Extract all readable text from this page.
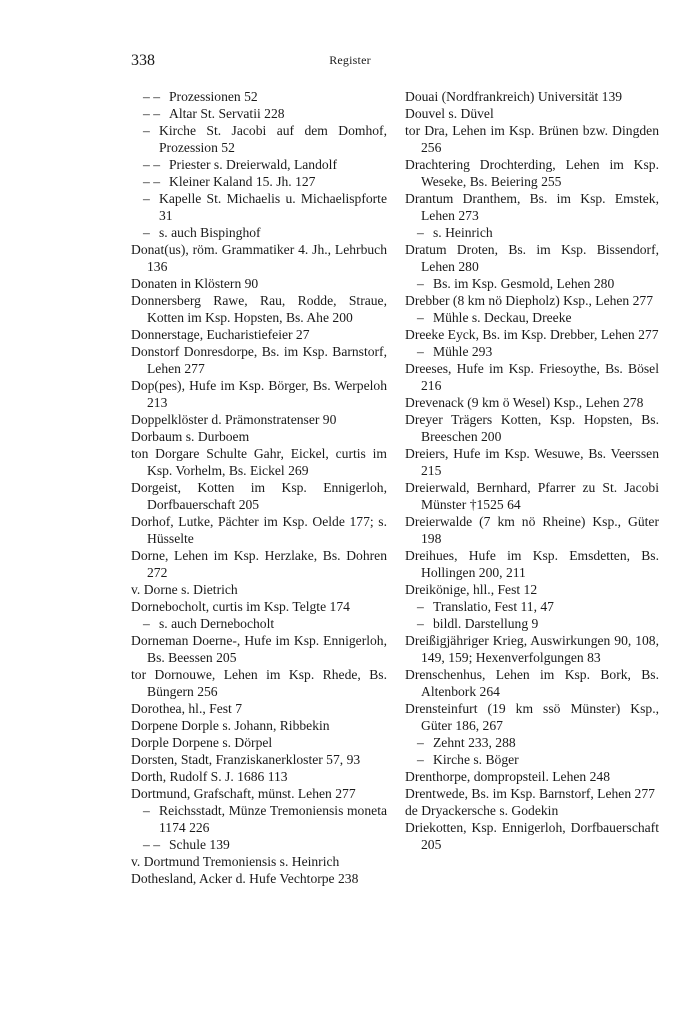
338	Register
– – Prozessionen 52
– – Altar St. Servatii 228
– Kirche St. Jacobi auf dem Domhof, Prozession 52
– – Priester s. Dreierwald, Landolf
– – Kleiner Kaland 15. Jh. 127
– Kapelle St. Michaelis u. Michaelispforte 31
– s. auch Bispinghof
Donat(us), röm. Grammatiker 4. Jh., Lehrbuch 136
Donaten in Klöstern 90
Donnersberg Rawe, Rau, Rodde, Straue, Kotten im Ksp. Hopsten, Bs. Ahe 200
Donnerstage, Eucharistiefeier 27
Donstorf Donresdorpe, Bs. im Ksp. Barnstorf, Lehen 277
Dop(pes), Hufe im Ksp. Börger, Bs. Werpeloh 213
Doppelklöster d. Prämonstratenser 90
Dorbaum s. Durboem
ton Dorgare Schulte Gahr, Eickel, curtis im Ksp. Vorhelm, Bs. Eickel 269
Dorgeist, Kotten im Ksp. Ennigerloh, Dorfbauerschaft 205
Dorhof, Lutke, Pächter im Ksp. Oelde 177; s. Hüsselte
Dorne, Lehen im Ksp. Herzlake, Bs. Dohren 272
v. Dorne s. Dietrich
Dornebocholt, curtis im Ksp. Telgte 174
– s. auch Dernebocholt
Dorneman Doerne-, Hufe im Ksp. Ennigerloh, Bs. Beessen 205
tor Dornouwe, Lehen im Ksp. Rhede, Bs. Büngern 256
Dorothea, hl., Fest 7
Dorpene Dorple s. Johann, Ribbekin
Dorple Dorpene s. Dörpel
Dorsten, Stadt, Franziskanerkloster 57, 93
Dorth, Rudolf S. J. 1686 113
Dortmund, Grafschaft, münst. Lehen 277
– Reichsstadt, Münze Tremoniensis moneta 1174 226
– – Schule 139
v. Dortmund Tremoniensis s. Heinrich
Dothesland, Acker d. Hufe Vechtorpe 238
Douai (Nordfrankreich) Universität 139
Douvel s. Düvel
tor Dra, Lehen im Ksp. Brünen bzw. Dingden 256
Drachtering Drochterding, Lehen im Ksp. Weseke, Bs. Beiering 255
Drantum Dranthem, Bs. im Ksp. Emstek, Lehen 273
– s. Heinrich
Dratum Droten, Bs. im Ksp. Bissendorf, Lehen 280
– Bs. im Ksp. Gesmold, Lehen 280
Drebber (8 km nö Diepholz) Ksp., Lehen 277
– Mühle s. Deckau, Dreeke
Dreeke Eyck, Bs. im Ksp. Drebber, Lehen 277
– Mühle 293
Dreeses, Hufe im Ksp. Friesoythe, Bs. Bösel 216
Drevenack (9 km ö Wesel) Ksp., Lehen 278
Dreyer Trägers Kotten, Ksp. Hopsten, Bs. Breeschen 200
Dreiers, Hufe im Ksp. Wesuwe, Bs. Veerssen 215
Dreierwald, Bernhard, Pfarrer zu St. Jacobi Münster †1525 64
Dreierwalde (7 km nö Rheine) Ksp., Güter 198
Dreihues, Hufe im Ksp. Emsdetten, Bs. Hollingen 200, 211
Dreikönige, hll., Fest 12
– Translatio, Fest 11, 47
– bildl. Darstellung 9
Dreißigjähriger Krieg, Auswirkungen 90, 108, 149, 159; Hexenverfolgungen 83
Drenschenhus, Lehen im Ksp. Bork, Bs. Altenbork 264
Drensteinfurt (19 km ssö Münster) Ksp., Güter 186, 267
– Zehnt 233, 288
– Kirche s. Böger
Drenthorpe, dompropsteil. Lehen 248
Drentwede, Bs. im Ksp. Barnstorf, Lehen 277
de Dryackersche s. Godekin
Driekotten, Ksp. Ennigerloh, Dorfbauerschaft 205
